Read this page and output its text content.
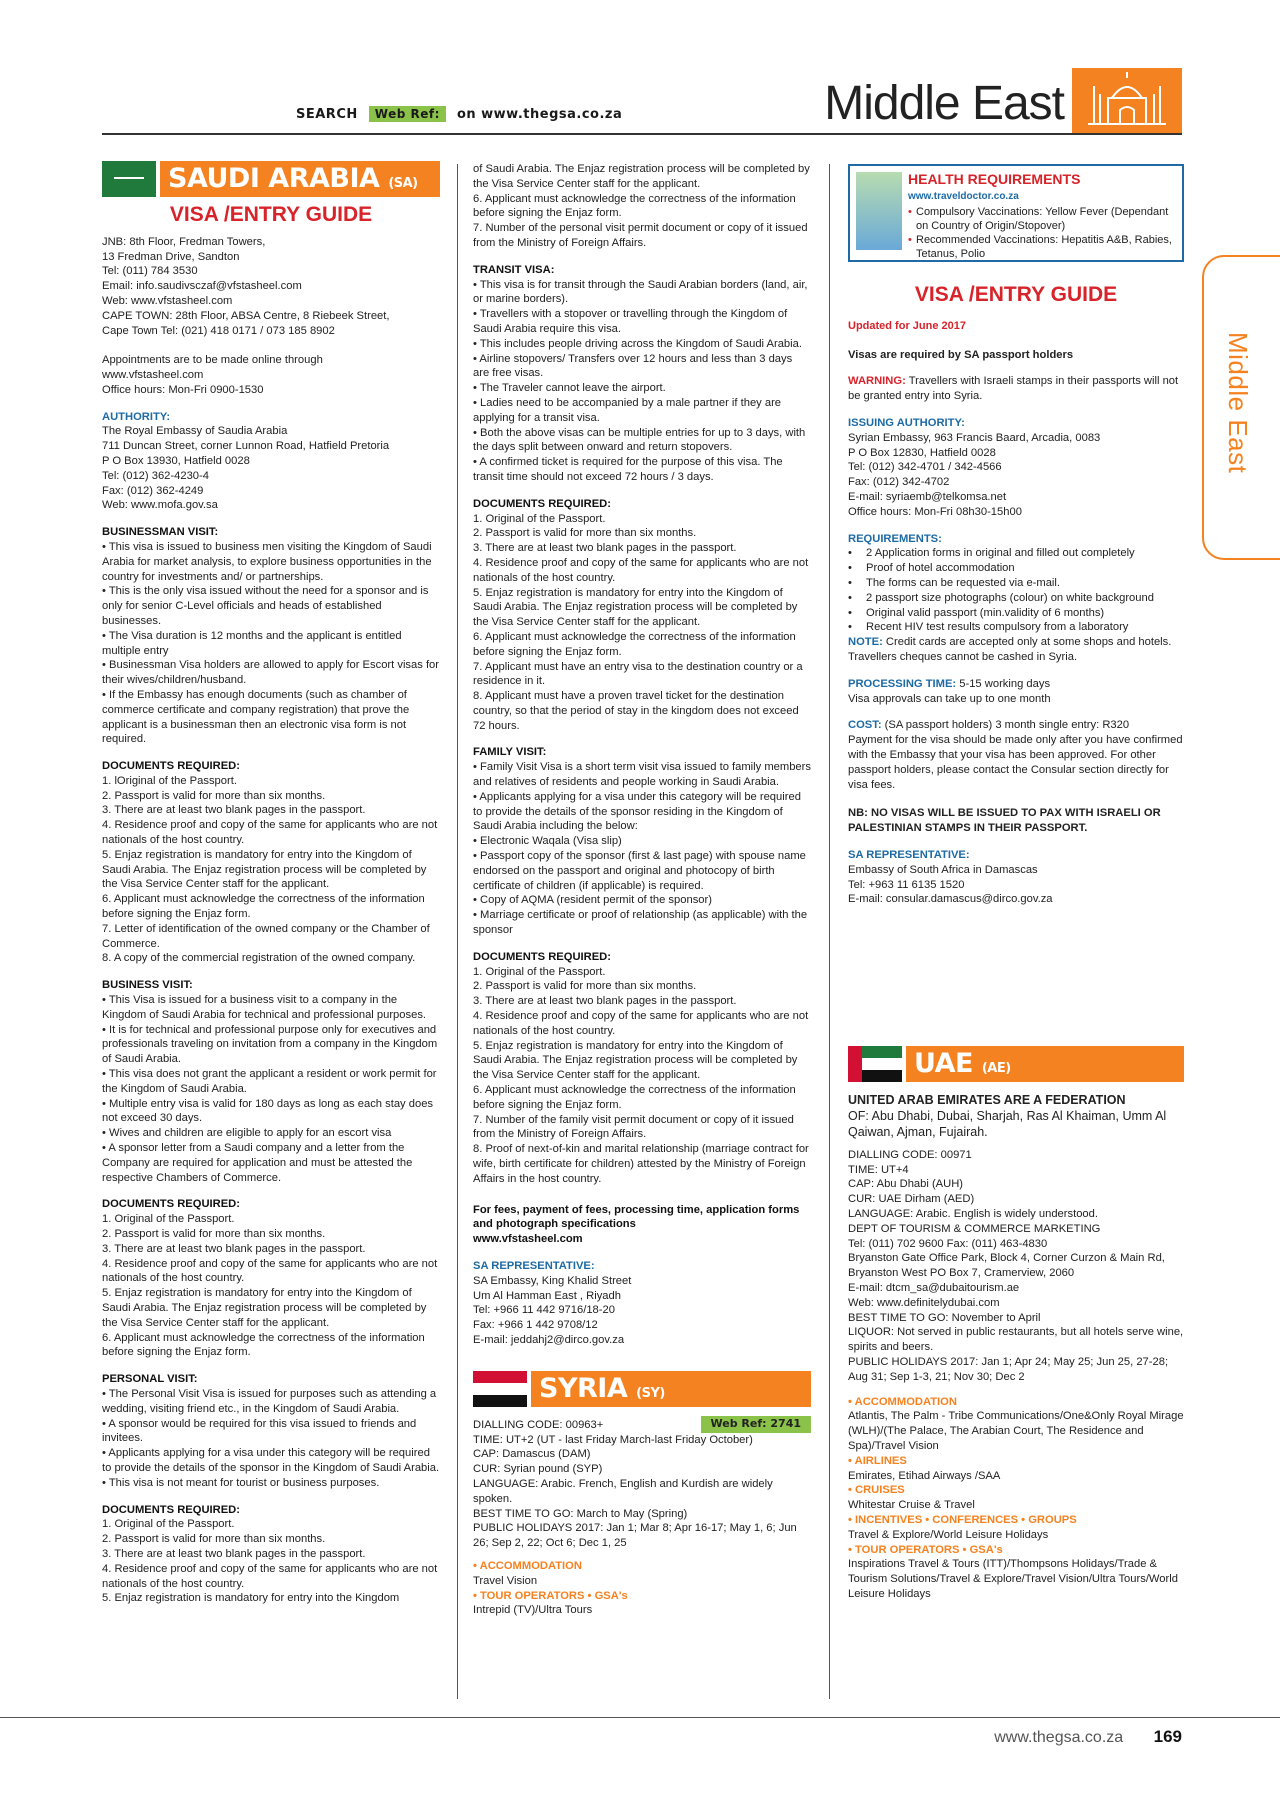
SEARCH Web Ref: on www.thegsa.co.za	Middle East
Middle East
SAUDI ARABIA (SA)
VISA /ENTRY GUIDE
JNB: 8th Floor, Fredman Towers,
13 Fredman Drive, Sandton
Tel: (011) 784 3530
Email: info.saudivsczaf@vfstasheel.com
Web: www.vfstasheel.com
CAPE TOWN: 28th Floor, ABSA Centre, 8 Riebeek Street,
Cape Town Tel: (021) 418 0171 / 073 185 8902

Appointments are to be made online through
www.vfstasheel.com
Office hours: Mon-Fri 0900-1530
AUTHORITY:
The Royal Embassy of Saudia Arabia
711 Duncan Street, corner Lunnon Road, Hatfield Pretoria
P O Box 13930, Hatfield 0028
Tel: (012) 362-4230-4
Fax: (012) 362-4249
Web: www.mofa.gov.sa
BUSINESSMAN VISIT:
• This visa is issued to business men visiting the Kingdom of Saudi Arabia for market analysis, to explore business opportunities in the country for investments and/ or partnerships.
• This is the only visa issued without the need for a sponsor and is only for senior C-Level officials and heads of established businesses.
• The Visa duration is 12 months and the applicant is entitled multiple entry
• Businessman Visa holders are allowed to apply for Escort visas for their wives/children/husband.
• If the Embassy has enough documents (such as chamber of commerce certificate and company registration) that prove the applicant is a businessman then an electronic visa form is not required.
DOCUMENTS REQUIRED:
1. lOriginal of the Passport.
2. Passport is valid for more than six months.
3. There are at least two blank pages in the passport.
4. Residence proof and copy of the same for applicants who are not nationals of the host country.
5. Enjaz registration is mandatory for entry into the Kingdom of Saudi Arabia. The Enjaz registration process will be completed by the Visa Service Center staff for the applicant.
6. Applicant must acknowledge the correctness of the information before signing the Enjaz form.
7. Letter of identification of the owned company or the Chamber of Commerce.
8. A copy of the commercial registration of the owned company.
BUSINESS VISIT:
• This Visa is issued for a business visit to a company in the Kingdom of Saudi Arabia for technical and professional purposes.
• It is for technical and professional purpose only for executives and professionals traveling on invitation from a company in the Kingdom of Saudi Arabia.
• This visa does not grant the applicant a resident or work permit for the Kingdom of Saudi Arabia.
• Multiple entry visa is valid for 180 days as long as each stay does not exceed 30 days.
• Wives and children are eligible to apply for an escort visa
• A sponsor letter from a Saudi company and a letter from the Company are required for application and must be attested the respective Chambers of Commerce.
DOCUMENTS REQUIRED:
1. Original of the Passport.
2. Passport is valid for more than six months.
3. There are at least two blank pages in the passport.
4. Residence proof and copy of the same for applicants who are not nationals of the host country.
5. Enjaz registration is mandatory for entry into the Kingdom of Saudi Arabia. The Enjaz registration process will be completed by the Visa Service Center staff for the applicant.
6. Applicant must acknowledge the correctness of the information before signing the Enjaz form.
PERSONAL VISIT:
• The Personal Visit Visa is issued for purposes such as attending a wedding, visiting friend etc., in the Kingdom of Saudi Arabia.
• A sponsor would be required for this visa issued to friends and invitees.
• Applicants applying for a visa under this category will be required to provide the details of the sponsor in the Kingdom of Saudi Arabia.
• This visa is not meant for tourist or business purposes.
DOCUMENTS REQUIRED:
1. Original of the Passport.
2. Passport is valid for more than six months.
3. There are at least two blank pages in the passport.
4. Residence proof and copy of the same for applicants who are not nationals of the host country.
5. Enjaz registration is mandatory for entry into the Kingdom
of Saudi Arabia. The Enjaz registration process will be completed by the Visa Service Center staff for the applicant.
6. Applicant must acknowledge the correctness of the information before signing the Enjaz form.
7. Number of the personal visit permit document or copy of it issued from the Ministry of Foreign Affairs.
TRANSIT VISA:
• This visa is for transit through the Saudi Arabian borders (land, air, or marine borders).
• Travellers with a stopover or travelling through the Kingdom of Saudi Arabia require this visa.
• This includes people driving across the Kingdom of Saudi Arabia.
• Airline stopovers/ Transfers over 12 hours and less than 3 days are free visas.
• The Traveler cannot leave the airport.
• Ladies need to be accompanied by a male partner if they are applying for a transit visa.
• Both the above visas can be multiple entries for up to 3 days, with the days split between onward and return stopovers.
• A confirmed ticket is required for the purpose of this visa. The transit time should not exceed 72 hours / 3 days.
DOCUMENTS REQUIRED:
1. Original of the Passport.
2. Passport is valid for more than six months.
3. There are at least two blank pages in the passport.
4. Residence proof and copy of the same for applicants who are not nationals of the host country.
5. Enjaz registration is mandatory for entry into the Kingdom of Saudi Arabia. The Enjaz registration process will be completed by the Visa Service Center staff for the applicant.
6. Applicant must acknowledge the correctness of the information before signing the Enjaz form.
7. Applicant must have an entry visa to the destination country or a residence in it.
8. Applicant must have a proven travel ticket for the destination country, so that the period of stay in the kingdom does not exceed 72 hours.
FAMILY VISIT:
• Family Visit Visa is a short term visit visa issued to family members and relatives of residents and people working in Saudi Arabia.
• Applicants applying for a visa under this category will be required to provide the details of the sponsor residing in the Kingdom of Saudi Arabia including the below:
• Electronic Waqala (Visa slip)
• Passport copy of the sponsor (first & last page) with spouse name endorsed on the passport and original and photocopy of birth certificate of children (if applicable) is required.
• Copy of AQMA (resident permit of the sponsor)
• Marriage certificate or proof of relationship (as applicable) with the sponsor
DOCUMENTS REQUIRED:
1. Original of the Passport.
2. Passport is valid for more than six months.
3. There are at least two blank pages in the passport.
4. Residence proof and copy of the same for applicants who are not nationals of the host country.
5. Enjaz registration is mandatory for entry into the Kingdom of Saudi Arabia. The Enjaz registration process will be completed by the Visa Service Center staff for the applicant.
6. Applicant must acknowledge the correctness of the information before signing the Enjaz form.
7. Number of the family visit permit document or copy of it issued from the Ministry of Foreign Affairs.
8. Proof of next-of-kin and marital relationship (marriage contract for wife, birth certificate for children) attested by the Ministry of Foreign Affairs in the host country.
For fees, payment of fees, processing time, application forms and photograph specifications
www.vfstasheel.com
SA REPRESENTATIVE:
SA Embassy, King Khalid Street
Um Al Hamman East , Riyadh
Tel: +966 11 442 9716/18-20
Fax: +966 1 442 9708/12
E-mail: jeddahj2@dirco.gov.za
SYRIA (SY)
Web Ref: 2741
DIALLING CODE: 00963+
TIME: UT+2 (UT - last Friday March-last Friday October)
CAP: Damascus (DAM)
CUR: Syrian pound (SYP)
LANGUAGE: Arabic. French, English and Kurdish are widely spoken.
BEST TIME TO GO: March to May (Spring)
PUBLIC HOLIDAYS 2017: Jan 1; Mar 8; Apr 16-17; May 1, 6; Jun 26; Sep 2, 22; Oct 6; Dec 1, 25
• ACCOMMODATION
Travel Vision
• TOUR OPERATORS • GSA's
Intrepid (TV)/Ultra Tours
HEALTH REQUIREMENTS www.traveldoctor.co.za
• Compulsory Vaccinations: Yellow Fever (Dependant on Country of Origin/Stopover)
• Recommended Vaccinations: Hepatitis A&B, Rabies, Tetanus, Polio
VISA /ENTRY GUIDE
Updated for June 2017
Visas are required by SA passport holders
WARNING: Travellers with Israeli stamps in their passports will not be granted entry into Syria.
ISSUING AUTHORITY:
Syrian Embassy, 963 Francis Baard, Arcadia, 0083
P O Box 12830, Hatfield 0028
Tel: (012) 342-4701 / 342-4566
Fax: (012) 342-4702
E-mail: syriaemb@telkomsa.net
Office hours: Mon-Fri 08h30-15h00
REQUIREMENTS:
• 2 Application forms in original and filled out completely
• Proof of hotel accommodation
• The forms can be requested via e-mail.
• 2 passport size photographs (colour) on white background
• Original valid passport (min.validity of 6 months)
• Recent HIV test results compulsory from a laboratory
NOTE: Credit cards are accepted only at some shops and hotels. Travellers cheques cannot be cashed in Syria.
PROCESSING TIME: 5-15 working days
Visa approvals can take up to one month
COST: (SA passport holders) 3 month single entry: R320
Payment for the visa should be made only after you have confirmed with the Embassy that your visa has been approved. For other passport holders, please contact the Consular section directly for visa fees.
NB: NO VISAS WILL BE ISSUED TO PAX WITH ISRAELI OR PALESTINIAN STAMPS IN THEIR PASSPORT.
SA REPRESENTATIVE:
Embassy of South Africa in Damascas
Tel: +963 11 6135 1520
E-mail: consular.damascus@dirco.gov.za
UAE (AE)
UNITED ARAB EMIRATES ARE A FEDERATION
OF: Abu Dhabi, Dubai, Sharjah, Ras Al Khaiman, Umm Al Qaiwan, Ajman, Fujairah.
DIALLING CODE: 00971
TIME: UT+4
CAP: Abu Dhabi (AUH)
CUR: UAE Dirham (AED)
LANGUAGE: Arabic. English is widely understood.
DEPT OF TOURISM & COMMERCE MARKETING
Tel: (011) 702 9600 Fax: (011) 463-4830
Bryanston Gate Office Park, Block 4, Corner Curzon & Main Rd, Bryanston West PO Box 7, Cramerview, 2060
E-mail: dtcm_sa@dubaitourism.ae
Web: www.definitelydubai.com
BEST TIME TO GO: November to April
LIQUOR: Not served in public restaurants, but all hotels serve wine, spirits and beers.
PUBLIC HOLIDAYS 2017: Jan 1; Apr 24; May 25; Jun 25, 27-28; Aug 31; Sep 1-3, 21; Nov 30; Dec 2
• ACCOMMODATION
Atlantis, The Palm - Tribe Communications/One&Only Royal Mirage (WLH)/(The Palace, The Arabian Court, The Residence and Spa)/Travel Vision
• AIRLINES
Emirates, Etihad Airways /SAA
• CRUISES
Whitestar Cruise & Travel
• INCENTIVES • CONFERENCES • GROUPS
Travel & Explore/World Leisure Holidays
• TOUR OPERATORS • GSA's
Inspirations Travel & Tours (ITT)/Thompsons Holidays/Trade & Tourism Solutions/Travel & Explore/Travel Vision/Ultra Tours/World Leisure Holidays
www.thegsa.co.za 169
